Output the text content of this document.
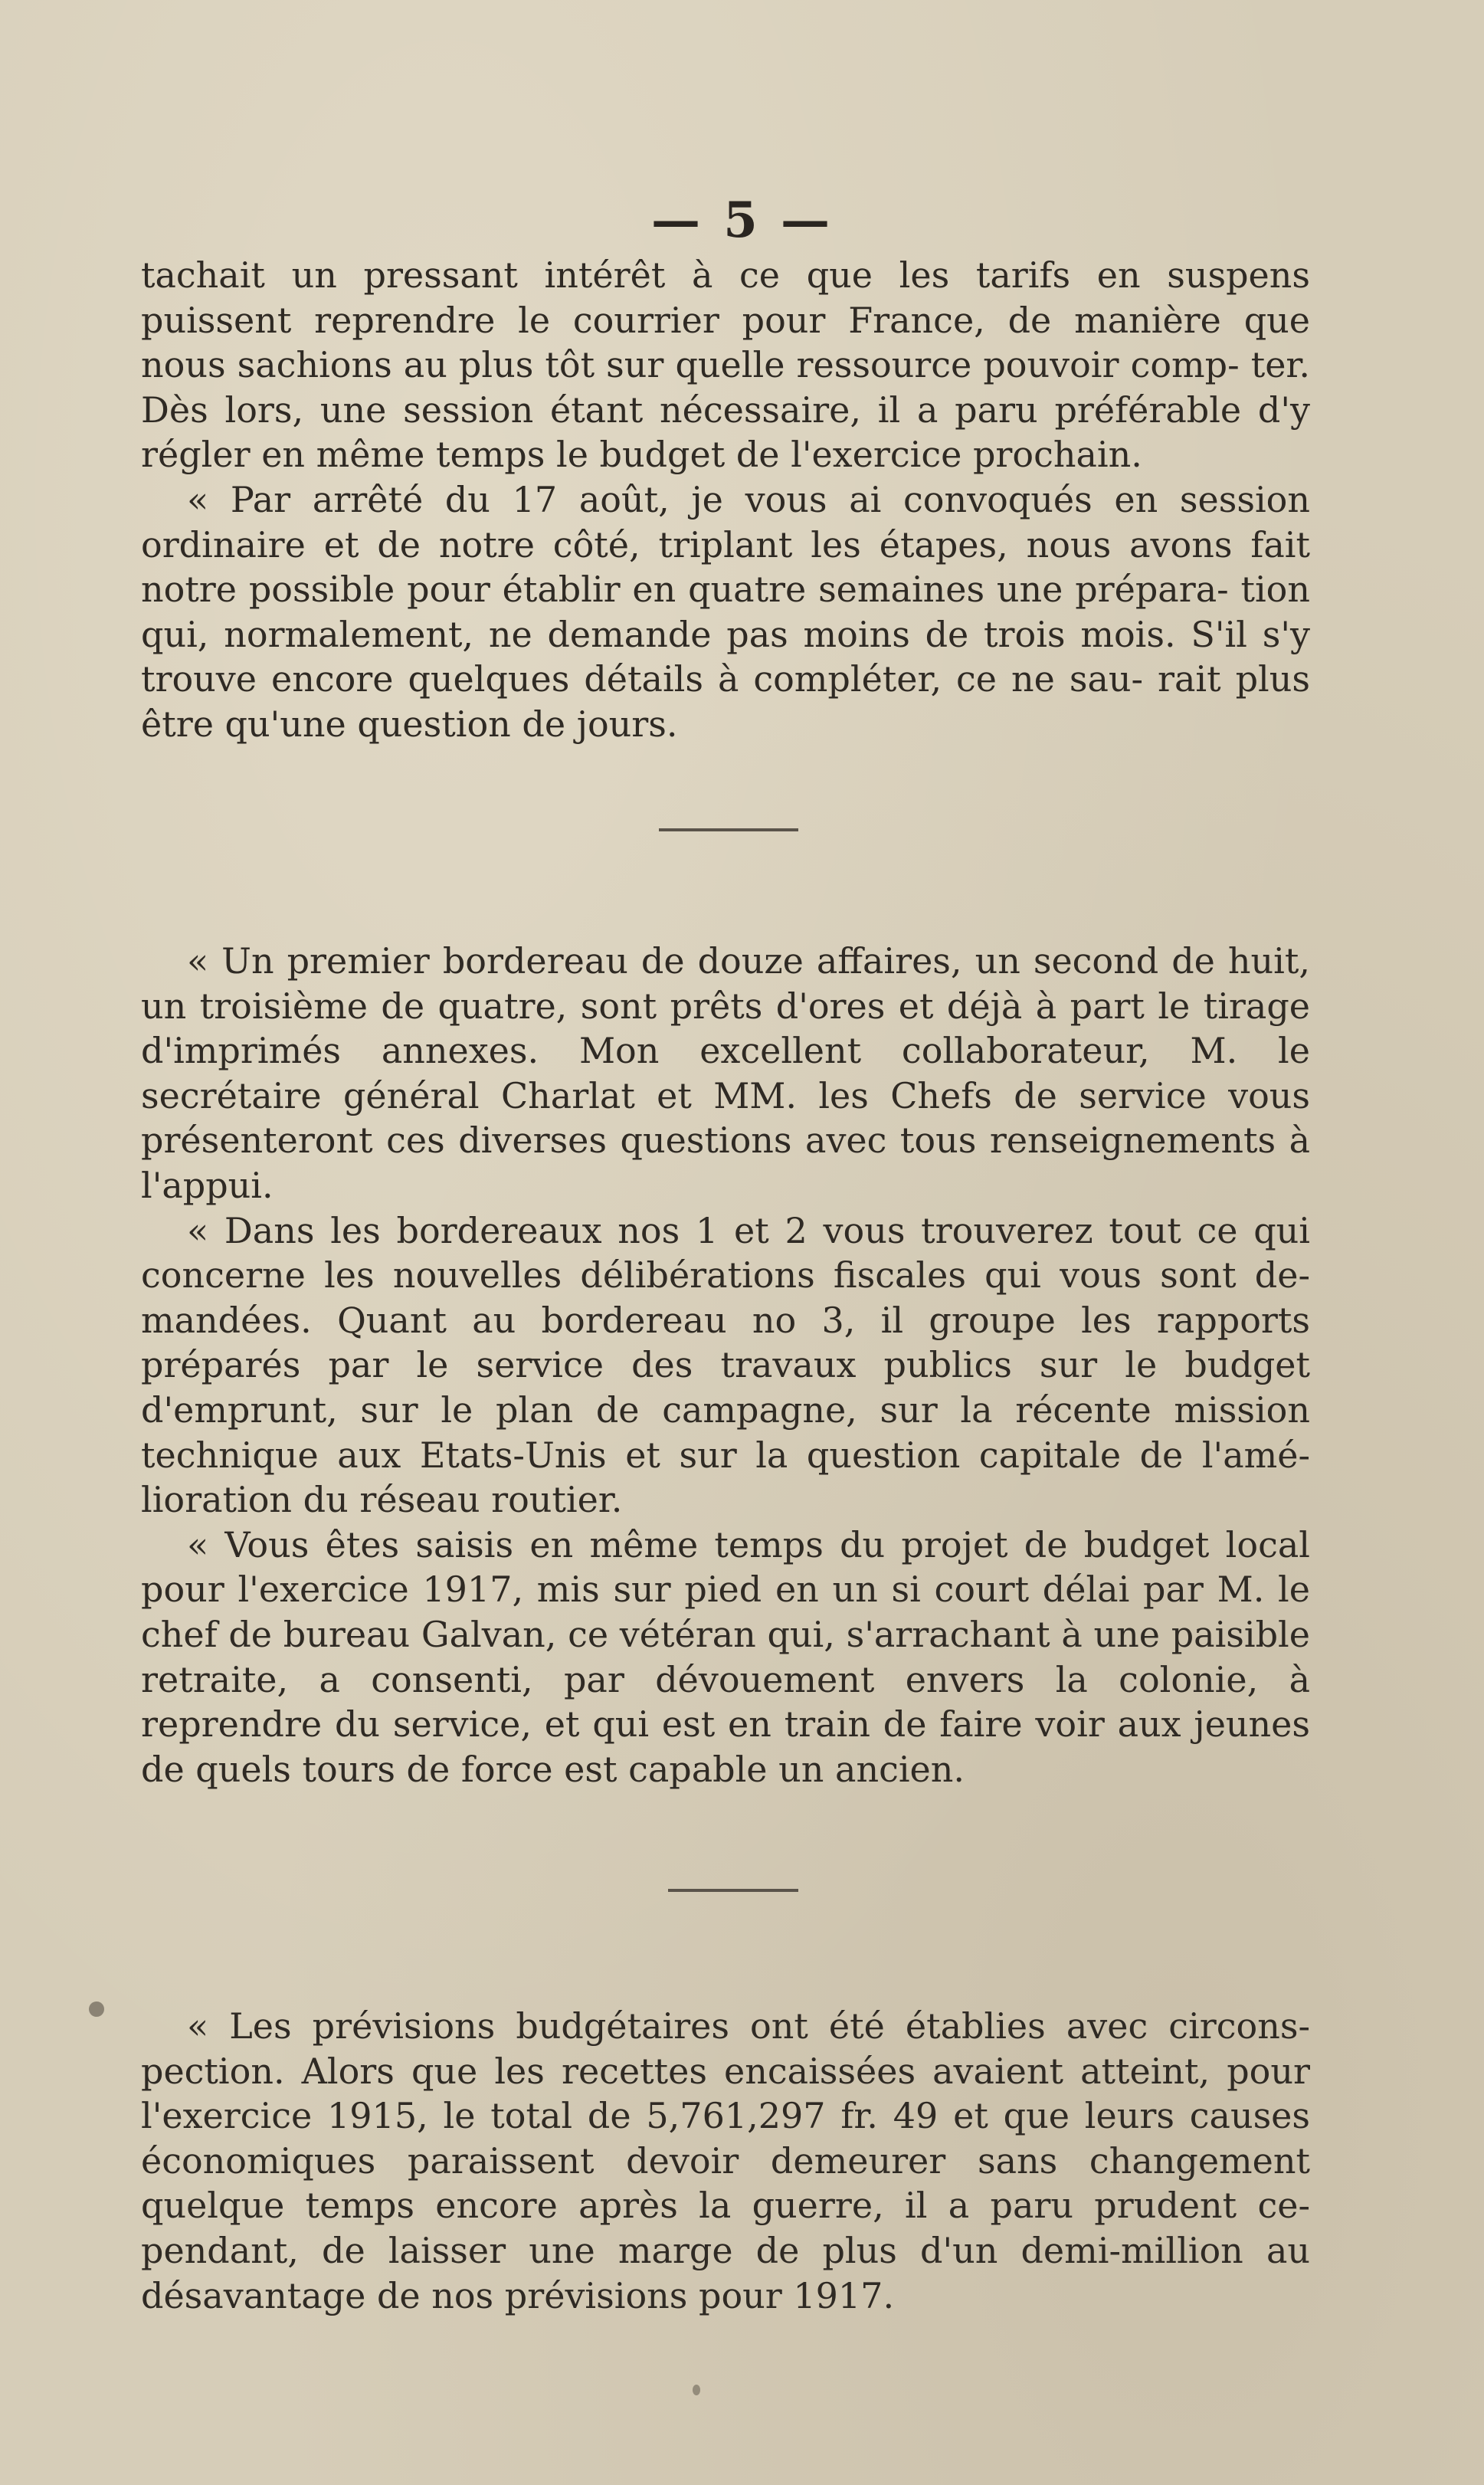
— 5 —

tachait un pressant intérêt à ce que les tarifs en suspens puissent reprendre le courrier pour France, de manière que nous sachions au plus tôt sur quelle ressource pouvoir comp- ter. Dès lors, une session étant nécessaire, il a paru préférable d'y régler en même temps le budget de l'exercice prochain.

« Par arrêté du 17 août, je vous ai convoqués en session ordinaire et de notre côté, triplant les étapes, nous avons fait notre possible pour établir en quatre semaines une prépara- tion qui, normalement, ne demande pas moins de trois mois. S'il s'y trouve encore quelques détails à compléter, ce ne sau- rait plus être qu'une question de jours.

« Un premier bordereau de douze affaires, un second de huit, un troisième de quatre, sont prêts d'ores et déjà à part le tirage d'imprimés annexes. Mon excellent collaborateur, M. le secrétaire général Charlat et MM. les Chefs de service vous présenteront ces diverses questions avec tous renseignements à l'appui.

« Dans les bordereaux nos 1 et 2 vous trouverez tout ce qui concerne les nouvelles délibérations fiscales qui vous sont de- mandées. Quant au bordereau no 3, il groupe les rapports préparés par le service des travaux publics sur le budget d'emprunt, sur le plan de campagne, sur la récente mission technique aux Etats-Unis et sur la question capitale de l'amé- lioration du réseau routier.

« Vous êtes saisis en même temps du projet de budget local pour l'exercice 1917, mis sur pied en un si court délai par M. le chef de bureau Galvan, ce vétéran qui, s'arrachant à une paisible retraite, a consenti, par dévouement envers la colonie, à reprendre du service, et qui est en train de faire voir aux jeunes de quels tours de force est capable un ancien.

« Les prévisions budgétaires ont été établies avec circons- pection. Alors que les recettes encaissées avaient atteint, pour l'exercice 1915, le total de 5,761,297 fr. 49 et que leurs causes économiques paraissent devoir demeurer sans changement quelque temps encore après la guerre, il a paru prudent ce- pendant, de laisser une marge de plus d'un demi-million au désavantage de nos prévisions pour 1917.
